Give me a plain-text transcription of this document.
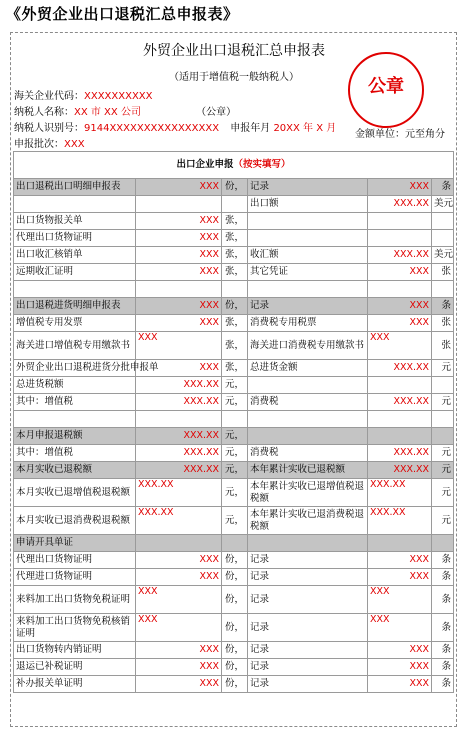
《外贸企业出口退税汇总申报表》
外贸企业出口退税汇总申报表
（适用于增值税一般纳税人）
海关企业代码：XXXXXXXXXX
纳税人名称：XX 市 XX 公司	（公章）
纳税人识别号：9144XXXXXXXXXXXXXXXX 申报年月 20XX 年 X 月
申报批次：XXX
公章
金额单位：元至角分
出口企业申报（按实填写）					
出口退税出口明细申报表	XXX	份，	记录	XXX	条
			出口额	XXX.XX	美元
出口货物报关单	XXX	张，			
代理出口货物证明	XXX	张，			
出口收汇核销单	XXX	张，	收汇额	XXX.XX	美元
远期收汇证明	XXX	张，	其它凭证	XXX	张

出口退税进货明细申报表	XXX	份，	记录	XXX	条
增值税专用发票	XXX	张，	消费税专用税票	XXX	张
海关进口增值税专用缴款书	XXX	张，	海关进口消费税专用缴款书	XXX	张
外贸企业出口退税进货分批申报单	XXX	张，	总进货金额	XXX.XX	元
总进货税额	XXX.XX	元，			
其中：增值税	XXX.XX	元，	消费税	XXX.XX	元

本月申报退税额	XXX.XX	元，			
其中：增值税	XXX.XX	元，	消费税	XXX.XX	元
本月实收已退税额	XXX.XX	元，	本年累计实收已退税额	XXX.XX	元
本月实收已退增值税退税额	XXX.XX	元，	本年累计实收已退增值税退税额	XXX.XX	元
本月实收已退消费税退税额	XXX.XX	元，	本年累计实收已退消费税退税额	XXX.XX	元
申请开具单证					
代理出口货物证明	XXX	份，	记录	XXX	条
代理进口货物证明	XXX	份，	记录	XXX	条
来料加工出口货物免税证明	XXX	份，	记录	XXX	条
来料加工出口货物免税核销证明	XXX	份，	记录	XXX	条
出口货物转内销证明	XXX	份，	记录	XXX	条
退运已补税证明	XXX	份，	记录	XXX	条
补办报关单证明	XXX	份，	记录	XXX	条
